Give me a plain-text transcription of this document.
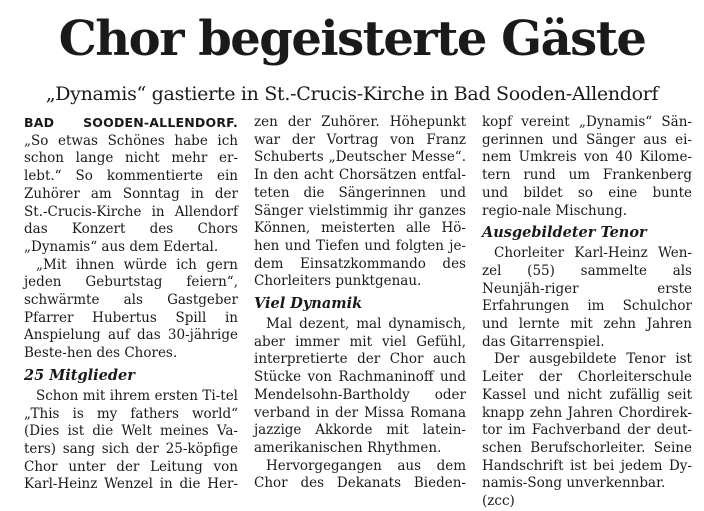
Chor begeisterte Gäste
„Dynamis“ gastierte in St.-Crucis-Kirche in Bad Sooden-Allendorf

BAD SOODEN-ALLENDORF. „So etwas Schönes habe ich schon lange nicht mehr er-lebt.“ So kommentierte ein Zuhörer am Sonntag in der St.-Crucis-Kirche in Allendorf das Konzert des Chors „Dynamis“ aus dem Edertal.

„Mit ihnen würde ich gern jeden Geburtstag feiern“, schwärmte als Gastgeber Pfarrer Hubertus Spill in Anspielung auf das 30-jährige Beste-hen des Chores.

25 Mitglieder

Schon mit ihrem ersten Ti-tel „This is my fathers world“ (Dies ist die Welt meines Va-ters) sang sich der 25-köpfige Chor unter der Leitung von Karl-Heinz Wenzel in die Her-

zen der Zuhörer. Höhepunkt war der Vortrag von Franz Schuberts „Deutscher Messe“. In den acht Chorsätzen entfal-teten die Sängerinnen und Sänger vielstimmig ihr ganzes Können, meisterten alle Hö-hen und Tiefen und folgten je-dem Einsatzkommando des Chorleiters punktgenau.

Viel Dynamik

Mal dezent, mal dynamisch, aber immer mit viel Gefühl, interpretierte der Chor auch Stücke von Rachmaninoff und Mendelsohn-Bartholdy oder verband in der Missa Romana jazzige Akkorde mit latein-amerikanischen Rhythmen.

Hervorgegangen aus dem Chor des Dekanats Bieden-

kopf vereint „Dynamis“ Sän-gerinnen und Sänger aus ei-nem Umkreis von 40 Kilome-tern rund um Frankenberg und bildet so eine bunte regio-nale Mischung.

Ausgebildeter Tenor

Chorleiter Karl-Heinz Wen-zel (55) sammelte als Neunjäh-riger erste Erfahrungen im Schulchor und lernte mit zehn Jahren das Gitarrenspiel.

Der ausgebildete Tenor ist Leiter der Chorleiterschule Kassel und nicht zufällig seit knapp zehn Jahren Chordirek-tor im Fachverband der deut-schen Berufschorleiter. Seine Handschrift ist bei jedem Dy-namis-Song unverkennbar.

(zcc)
